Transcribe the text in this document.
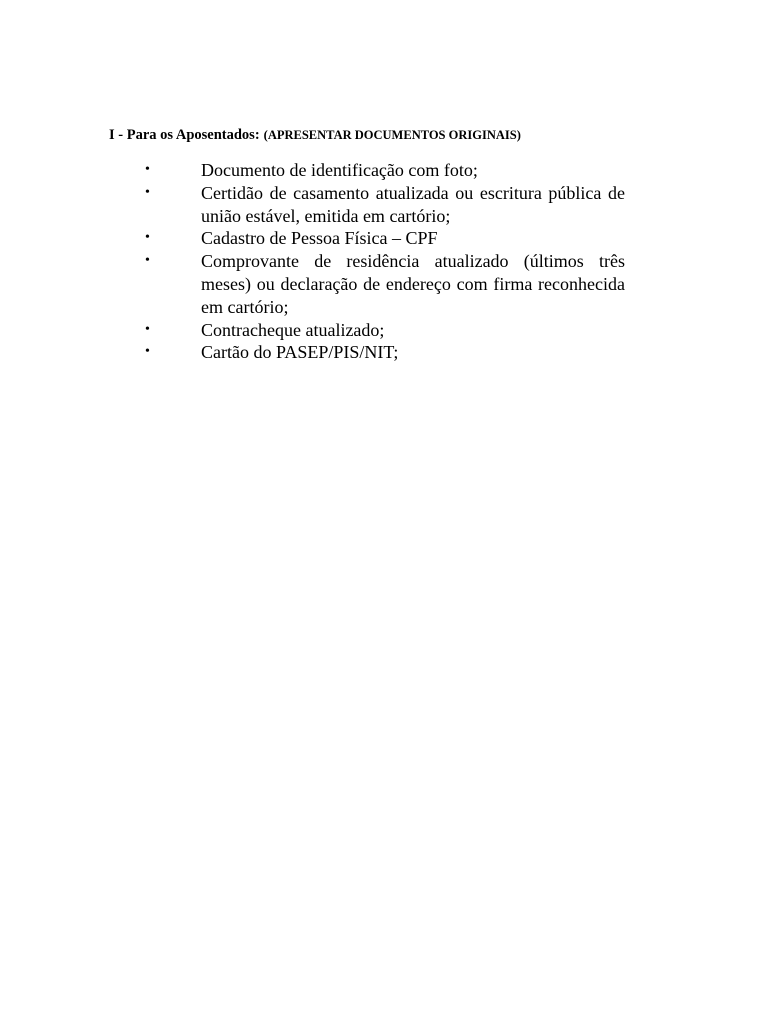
I - Para os Aposentados: (APRESENTAR DOCUMENTOS ORIGINAIS)
•	Documento de identificação com foto;
•	Certidão de casamento atualizada ou escritura pública de união estável, emitida em cartório;
•	Cadastro de Pessoa Física – CPF
•	Comprovante de residência atualizado (últimos três meses) ou declaração de endereço com firma reconhecida em cartório;
•	Contracheque atualizado;
•	Cartão do PASEP/PIS/NIT;
